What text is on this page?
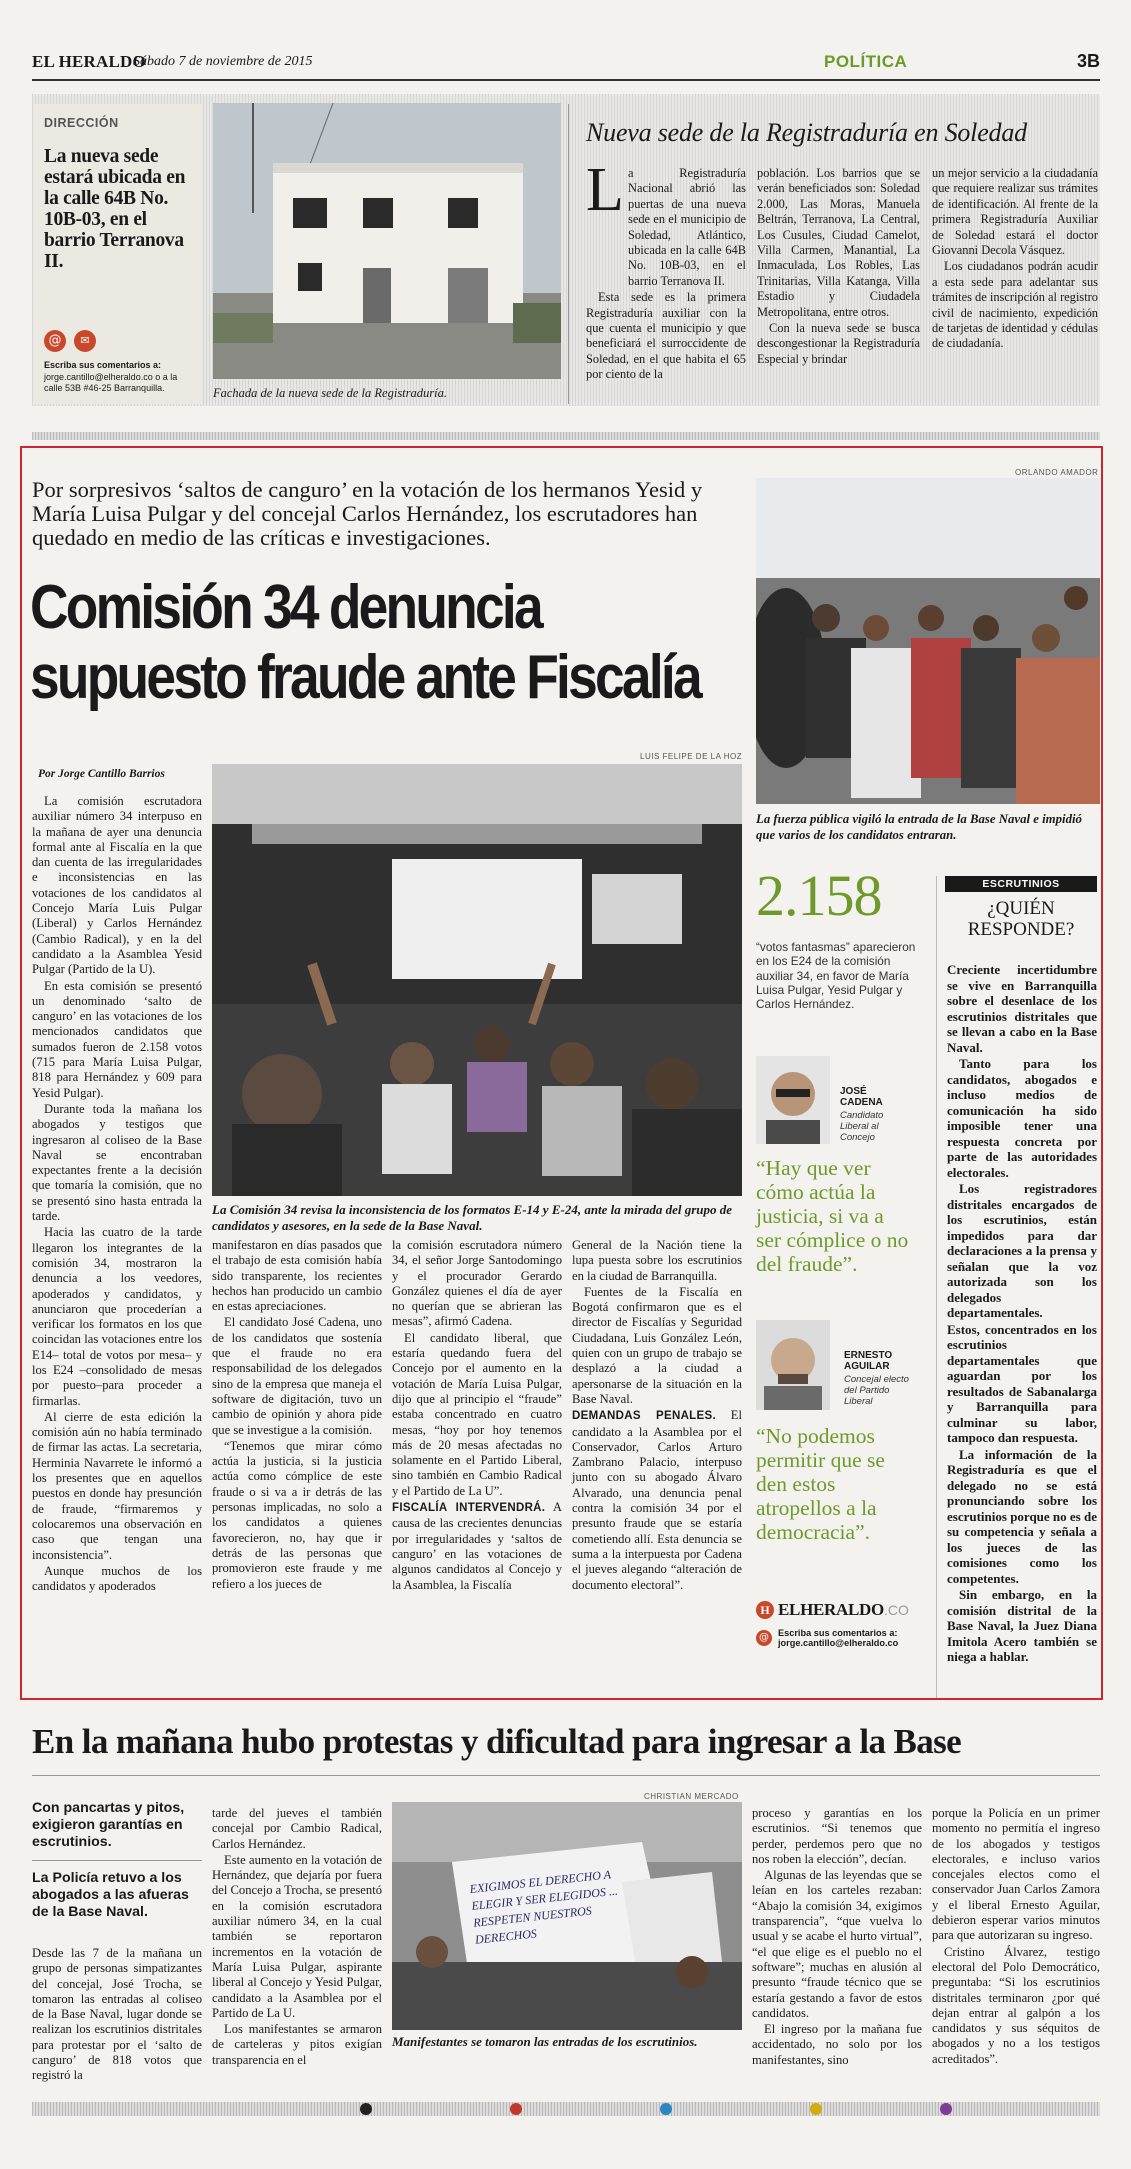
EL HERALDO
Sábado 7 de noviembre de 2015	POLÍTICA	3B
DIRECCIÓN
La nueva sede estará ubicada en la calle 64B No. 10B-03, en el barrio Terranova II.
@ ✉
Escriba sus comentarios a:
jorge.cantillo@elheraldo.co o a la calle 53B #46-25 Barranquilla.	Fachada de la nueva sede de la Registraduría.
Nueva sede de la Registraduría en Soledad
L a Registraduría Nacional abrió las puertas de una nueva sede en el municipio de Soledad, Atlántico, ubicada en la calle 64B No. 10B-03, en el barrio Terranova II.

Esta sede es la primera Registraduría auxiliar con la que cuenta el municipio y que beneficiará el surroccidente de Soledad, en el que habita el 65 por ciento de la

población. Los barrios que se verán beneficiados son: Soledad 2.000, Las Moras, Manuela Beltrán, Terranova, La Central, Los Cusules, Ciudad Camelot, Villa Carmen, Manantial, La Inmaculada, Los Robles, Las Trinitarias, Villa Katanga, Villa Estadio y Ciudadela Metropolitana, entre otros.

Con la nueva sede se busca descongestionar la Registraduría Especial y brindar

un mejor servicio a la ciudadanía que requiere realizar sus trámites de identificación. Al frente de la primera Registraduría Auxiliar de Soledad estará el doctor Giovanni Decola Vásquez.

Los ciudadanos podrán acudir a esta sede para adelantar sus trámites de inscripción al registro civil de nacimiento, expedición de tarjetas de identidad y cédulas de ciudadanía.

Por sorpresivos ‘saltos de canguro’ en la votación de los hermanos Yesid y María Luisa Pulgar y del concejal Carlos Hernández, los escrutadores han quedado en medio de las críticas e investigaciones.
Comisión 34 denuncia
supuesto fraude ante Fiscalía
ORLANDO AMADOR
La fuerza pública vigiló la entrada de la Base Naval e impidió que varios de los candidatos entraran.
Por Jorge Cantillo Barrios
LUIS FELIPE DE LA HOZ
La Comisión 34 revisa la inconsistencia de los formatos E-14 y E-24, ante la mirada del grupo de candidatos y asesores, en la sede de la Base Naval.

La comisión escrutadora auxiliar número 34 interpuso en la mañana de ayer una denuncia formal ante al Fiscalía en la que dan cuenta de las irregularidades e inconsistencias en las votaciones de los candidatos al Concejo María Luis Pulgar (Liberal) y Carlos Hernández (Cambio Radical), y en la del candidato a la Asamblea Yesid Pulgar (Partido de la U).

En esta comisión se presentó un denominado ‘salto de canguro’ en las votaciones de los mencionados candidatos que sumados fueron de 2.158 votos (715 para María Luisa Pulgar, 818 para Hernández y 609 para Yesid Pulgar).

Durante toda la mañana los abogados y testigos que ingresaron al coliseo de la Base Naval se encontraban expectantes frente a la decisión que tomaría la comisión, que no se presentó sino hasta entrada la tarde.

Hacia las cuatro de la tarde llegaron los integrantes de la comisión 34, mostraron la denuncia a los veedores, apoderados y candidatos, y anunciaron que procederían a verificar los formatos en los que coincidan las votaciones entre los E14– total de votos por mesa– y los E24 –consolidado de mesas por puesto–para proceder a firmarlas.

Al cierre de esta edición la comisión aún no había terminado de firmar las actas. La secretaria, Herminia Navarrete le informó a los presentes que en aquellos puestos en donde hay presunción de fraude, “firmaremos y colocaremos una observación en caso que tengan una inconsistencia”.

Aunque muchos de los candidatos y apoderados

manifestaron en días pasados que el trabajo de esta comisión había sido transparente, los recientes hechos han producido un cambio en estas apreciaciones.

El candidato José Cadena, uno de los candidatos que sostenía que el fraude no era responsabilidad de los delegados sino de la empresa que maneja el software de digitación, tuvo un cambio de opinión y ahora pide que se investigue a la comisión.

“Tenemos que mirar cómo actúa la justicia, si la justicia actúa como cómplice de este fraude o si va a ir detrás de las personas implicadas, no solo a los candidatos a quienes favorecieron, no, hay que ir detrás de las personas que promovieron este fraude y me refiero a los jueces de

la comisión escrutadora número 34, el señor Jorge Santodomingo y el procurador Gerardo González quienes el día de ayer no querían que se abrieran las mesas”, afirmó Cadena.

El candidato liberal, que estaría quedando fuera del Concejo por el aumento en la votación de María Luisa Pulgar, dijo que al principio el “fraude” estaba concentrado en cuatro mesas, “hoy por hoy tenemos más de 20 mesas afectadas no solamente en el Partido Liberal, sino también en Cambio Radical y el Partido de La U”.

FISCALÍA INTERVENDRÁ. A causa de las crecientes denuncias por irregularidades y ‘saltos de canguro’ en las votaciones de algunos candidatos al Concejo y la Asamblea, la Fiscalía

General de la Nación tiene la lupa puesta sobre los escrutinios en la ciudad de Barranquilla.

Fuentes de la Fiscalía en Bogotá confirmaron que es el director de Fiscalías y Seguridad Ciudadana, Luis González León, quien con un grupo de trabajo se desplazó a la ciudad a apersonarse de la situación en la Base Naval.

DEMANDAS PENALES. El candidato a la Asamblea por el Conservador, Carlos Arturo Zambrano Palacio, interpuso junto con su abogado Álvaro Alvarado, una denuncia penal contra la comisión 34 por el presunto fraude que se estaría cometiendo allí. Esta denuncia se suma a la interpuesta por Cadena el jueves alegando “alteración de documento electoral”.

2.158
“votos fantasmas” aparecieron en los E24 de la comisión auxiliar 34, en favor de María Luisa Pulgar, Yesid Pulgar y Carlos Hernández.
JOSÉ CADENA
Candidato Liberal al Concejo
“Hay que ver cómo actúa la justicia, si va a ser cómplice o no del fraude”.
ERNESTO AGUILAR
Concejal electo del Partido Liberal
“No podemos permitir que se den estos atropellos a la democracia”.
H ELHERALDO.CO
@ Escriba sus comentarios a:
jorge.cantillo@elheraldo.co
ESCRUTINIOS
¿QUIÉN
RESPONDE?

Creciente incertidumbre se vive en Barranquilla sobre el desenlace de los escrutinios distritales que se llevan a cabo en la Base Naval.

Tanto para los candidatos, abogados e incluso medios de comunicación ha sido imposible tener una respuesta concreta por parte de las autoridades electorales.

Los registradores distritales encargados de los escrutinios, están impedidos para dar declaraciones a la prensa y señalan que la voz autorizada son los delegados departamentales.

Estos, concentrados en los escrutinios departamentales que aguardan por los resultados de Sabanalarga y Barranquilla para culminar su labor, tampoco dan respuesta.

La información de la Registraduría es que el delegado no se está pronunciando sobre los escrutinios porque no es de su competencia y señala a los jueces de las comisiones como los competentes.

Sin embargo, en la comisión distrital de la Base Naval, la Juez Diana Imitola Acero también se niega a hablar.

En la mañana hubo protestas y dificultad para ingresar a la Base
Con pancartas y pitos, exigieron garantías en escrutinios.
La Policía retuvo a los abogados a las afueras de la Base Naval.

Desde las 7 de la mañana un grupo de personas simpatizantes del concejal, José Trocha, se tomaron las entradas al coliseo de la Base Naval, lugar donde se realizan los escrutinios distritales para protestar por el ‘salto de canguro’ de 818 votos que registró la

tarde del jueves el también concejal por Cambio Radical, Carlos Hernández.

Este aumento en la votación de Hernández, que dejaría por fuera del Concejo a Trocha, se presentó en la comisión escrutadora auxiliar número 34, en la cual también se reportaron incrementos en la votación de María Luisa Pulgar, aspirante liberal al Concejo y Yesid Pulgar, candidato a la Asamblea por el Partido de La U.

Los manifestantes se armaron de carteleras y pitos exigían transparencia en el

CHRISTIAN MERCADO
EXIGIMOS EL DERECHO A ELEGIR Y SER ELEGIDOS ... RESPETEN NUESTROS DERECHOS
Manifestantes se tomaron las entradas de los escrutinios.

proceso y garantías en los escrutinios. “Si tenemos que perder, perdemos pero que no nos roben la elección”, decían.

Algunas de las leyendas que se leían en los carteles rezaban: “Abajo la comisión 34, exigimos transparencia”, “que vuelva lo usual y se acabe el hurto virtual”, “el que elige es el pueblo no el software”; muchas en alusión al presunto “fraude técnico que se estaría gestando a favor de estos candidatos.

El ingreso por la mañana fue accidentado, no solo por los manifestantes, sino

porque la Policía en un primer momento no permitía el ingreso de los abogados y testigos electorales, e incluso varios concejales electos como el conservador Juan Carlos Zamora y el liberal Ernesto Aguilar, debieron esperar varios minutos para que autorizaran su ingreso.

Cristino Álvarez, testigo electoral del Polo Democrático, preguntaba: “Si los escrutinios distritales terminaron ¿por qué dejan entrar al galpón a los candidatos y sus séquitos de abogados y no a los testigos acreditados”.
